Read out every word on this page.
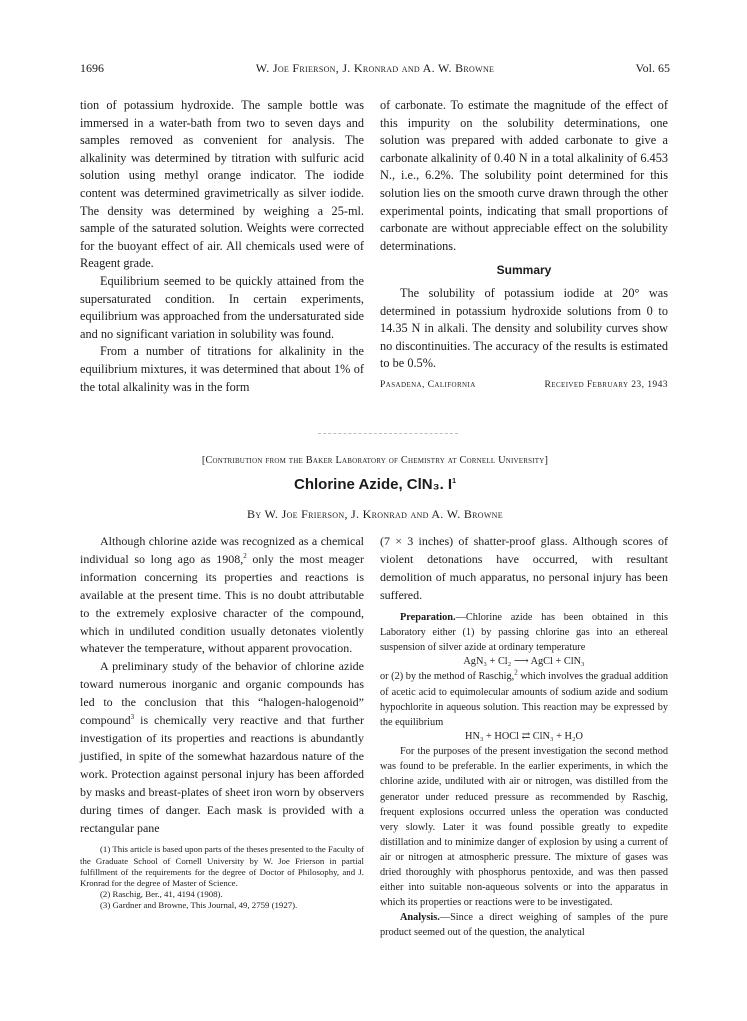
1696	W. Joe Frierson, J. Kronrad and A. W. Browne	Vol. 65

tion of potassium hydroxide. The sample bottle was immersed in a water-bath from two to seven days and samples removed as convenient for analysis. The alkalinity was determined by titration with sulfuric acid solution using methyl orange indicator. The iodide content was determined gravimetrically as silver iodide. The density was determined by weighing a 25-ml. sample of the saturated solution. Weights were corrected for the buoyant effect of air. All chemicals used were of Reagent grade.

Equilibrium seemed to be quickly attained from the supersaturated condition. In certain experiments, equilibrium was approached from the undersaturated side and no significant variation in solubility was found.

From a number of titrations for alkalinity in the equilibrium mixtures, it was determined that about 1% of the total alkalinity was in the form

of carbonate. To estimate the magnitude of the effect of this impurity on the solubility determinations, one solution was prepared with added carbonate to give a carbonate alkalinity of 0.40 N in a total alkalinity of 6.453 N., i.e., 6.2%. The solubility point determined for this solution lies on the smooth curve drawn through the other experimental points, indicating that small proportions of carbonate are without appreciable effect on the solubility determinations.

Summary

The solubility of potassium iodide at 20° was determined in potassium hydroxide solutions from 0 to 14.35 N in alkali. The density and solubility curves show no discontinuities. The accuracy of the results is estimated to be 0.5%.

Pasadena, California	Received February 23, 1943
[Contribution from the Baker Laboratory of Chemistry at Cornell University]
Chlorine Azide, ClN₃. $I^1$
By W. Joe Frierson, J. Kronrad and A. W. Browne

Although chlorine azide was recognized as a chemical individual so long ago as 1908,$^2$ only the most meager information concerning its properties and reactions is available at the present time. This is no doubt attributable to the extremely explosive character of the compound, which in undiluted condition usually detonates violently whatever the temperature, without apparent provocation.

A preliminary study of the behavior of chlorine azide toward numerous inorganic and organic compounds has led to the conclusion that this “halogen-halogenoid” compound$^3$ is chemically very reactive and that further investigation of its properties and reactions is abundantly justified, in spite of the somewhat hazardous nature of the work. Protection against personal injury has been afforded by masks and breast-plates of sheet iron worn by observers during times of danger. Each mask is provided with a rectangular pane

(1) This article is based upon parts of the theses presented to the Faculty of the Graduate School of Cornell University by W. Joe Frierson in partial fulfillment of the requirements for the degree of Doctor of Philosophy, and J. Kronrad for the degree of Master of Science.

(2) Raschig, Ber., 41, 4194 (1908).

(3) Gardner and Browne, This Journal, 49, 2759 (1927).

(7 × 3 inches) of shatter-proof glass. Although scores of violent detonations have occurred, with resultant demolition of much apparatus, no personal injury has been suffered.

Preparation.—Chlorine azide has been obtained in this Laboratory either (1) by passing chlorine gas into an ethereal suspension of silver azide at ordinary temperature

AgN₃ + Cl₂ ⟶ AgCl + ClN₃

or (2) by the method of Raschig,$^2$ which involves the gradual addition of acetic acid to equimolecular amounts of sodium azide and sodium hypochlorite in aqueous solution. This reaction may be expressed by the equilibrium

HN₃ + HOCl ⇄ ClN₃ + H₂O

For the purposes of the present investigation the second method was found to be preferable. In the earlier experiments, in which the chlorine azide, undiluted with air or nitrogen, was distilled from the generator under reduced pressure as recommended by Raschig, frequent explosions occurred unless the operation was conducted very slowly. Later it was found possible greatly to expedite distillation and to minimize danger of explosion by using a current of air or nitrogen at atmospheric pressure. The mixture of gases was dried thoroughly with phosphorus pentoxide, and was then passed either into suitable non-aqueous solvents or into the apparatus in which its properties or reactions were to be investigated.

Analysis.—Since a direct weighing of samples of the pure product seemed out of the question, the analytical
